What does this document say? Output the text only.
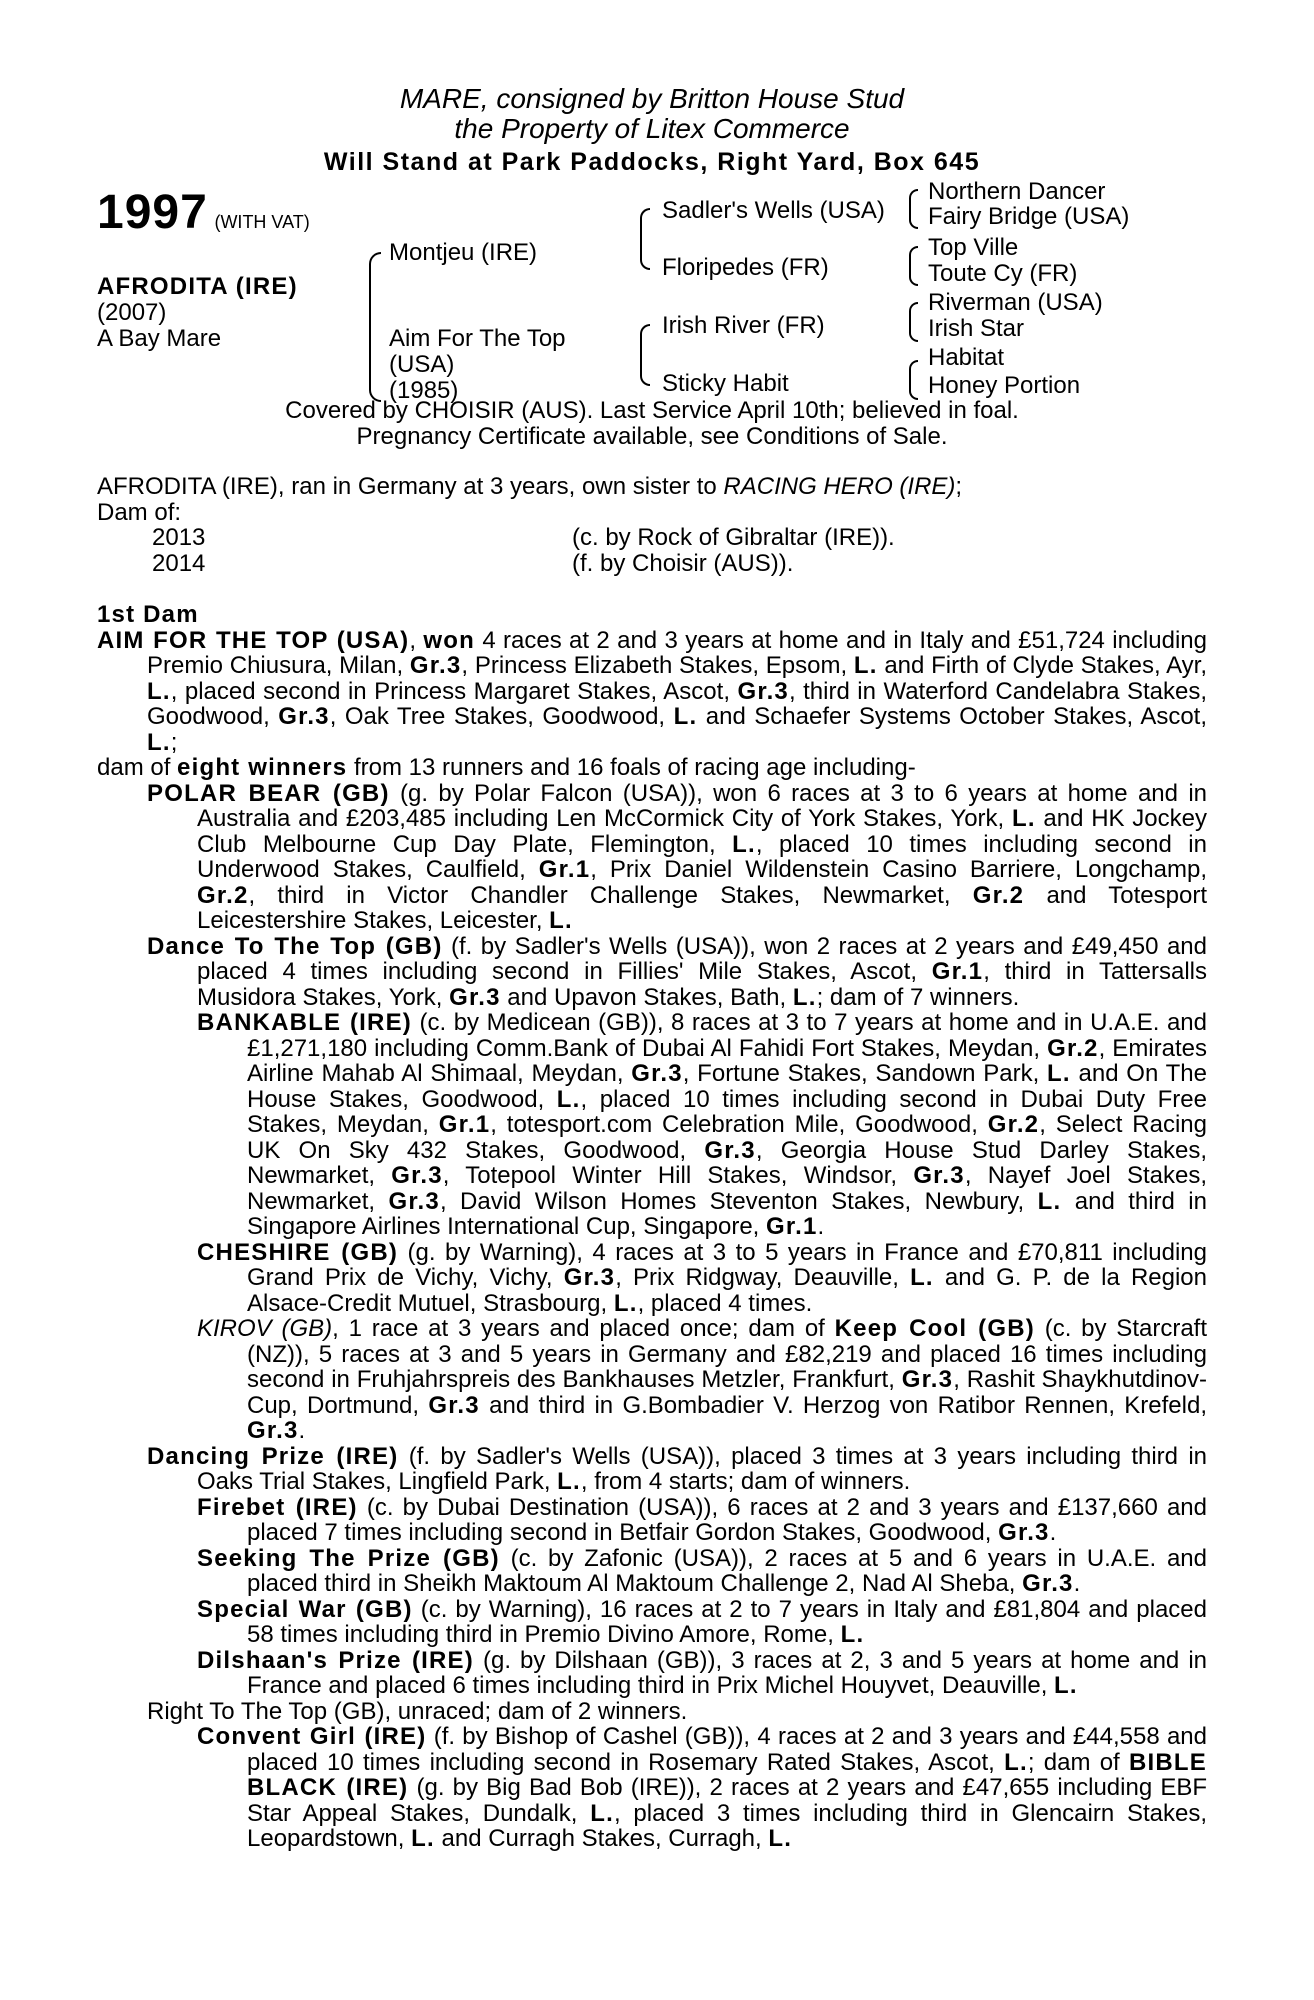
MARE, consigned by Britton House Stud
the Property of Litex Commerce
Will Stand at Park Paddocks, Right Yard, Box 645
1997 (WITH VAT)
AFRODITA (IRE)
(2007)
A Bay Mare
Montjeu (IRE)
Aim For The Top
(USA)
(1985)
Sadler's Wells (USA)
Floripedes (FR)
Irish River (FR)
Sticky Habit
Northern Dancer
Fairy Bridge (USA)
Top Ville
Toute Cy (FR)
Riverman (USA)
Irish Star
Habitat
Honey Portion
Covered by CHOISIR (AUS). Last Service April 10th; believed in foal.
Pregnancy Certificate available, see Conditions of Sale.

AFRODITA (IRE), ran in Germany at 3 years, own sister to RACING HERO (IRE);

Dam of:

2013	(c. by Rock of Gibraltar (IRE)).
2014	(f. by Choisir (AUS)).

1st Dam

AIM FOR THE TOP (USA), won 4 races at 2 and 3 years at home and in Italy and £51,724 including Premio Chiusura, Milan, Gr.3, Princess Elizabeth Stakes, Epsom, L. and Firth of Clyde Stakes, Ayr, L., placed second in Princess Margaret Stakes, Ascot, Gr.3, third in Waterford Candelabra Stakes, Goodwood, Gr.3, Oak Tree Stakes, Goodwood, L. and Schaefer Systems October Stakes, Ascot, L.;

dam of eight winners from 13 runners and 16 foals of racing age including-

POLAR BEAR (GB) (g. by Polar Falcon (USA)), won 6 races at 3 to 6 years at home and in Australia and £203,485 including Len McCormick City of York Stakes, York, L. and HK Jockey Club Melbourne Cup Day Plate, Flemington, L., placed 10 times including second in Underwood Stakes, Caulfield, Gr.1, Prix Daniel Wildenstein Casino Barriere, Longchamp, Gr.2, third in Victor Chandler Challenge Stakes, Newmarket, Gr.2 and Totesport Leicestershire Stakes, Leicester, L.

Dance To The Top (GB) (f. by Sadler's Wells (USA)), won 2 races at 2 years and £49,450 and placed 4 times including second in Fillies' Mile Stakes, Ascot, Gr.1, third in Tattersalls Musidora Stakes, York, Gr.3 and Upavon Stakes, Bath, L.; dam of 7 winners.

BANKABLE (IRE) (c. by Medicean (GB)), 8 races at 3 to 7 years at home and in U.A.E. and £1,271,180 including Comm.Bank of Dubai Al Fahidi Fort Stakes, Meydan, Gr.2, Emirates Airline Mahab Al Shimaal, Meydan, Gr.3, Fortune Stakes, Sandown Park, L. and On The House Stakes, Goodwood, L., placed 10 times including second in Dubai Duty Free Stakes, Meydan, Gr.1, totesport.com Celebration Mile, Goodwood, Gr.2, Select Racing UK On Sky 432 Stakes, Goodwood, Gr.3, Georgia House Stud Darley Stakes, Newmarket, Gr.3, Totepool Winter Hill Stakes, Windsor, Gr.3, Nayef Joel Stakes, Newmarket, Gr.3, David Wilson Homes Steventon Stakes, Newbury, L. and third in Singapore Airlines International Cup, Singapore, Gr.1.

CHESHIRE (GB) (g. by Warning), 4 races at 3 to 5 years in France and £70,811 including Grand Prix de Vichy, Vichy, Gr.3, Prix Ridgway, Deauville, L. and G. P. de la Region Alsace-Credit Mutuel, Strasbourg, L., placed 4 times.

KIROV (GB), 1 race at 3 years and placed once; dam of Keep Cool (GB) (c. by Starcraft (NZ)), 5 races at 3 and 5 years in Germany and £82,219 and placed 16 times including second in Fruhjahrspreis des Bankhauses Metzler, Frankfurt, Gr.3, Rashit Shaykhutdinov-Cup, Dortmund, Gr.3 and third in G.Bombadier V. Herzog von Ratibor Rennen, Krefeld, Gr.3.

Dancing Prize (IRE) (f. by Sadler's Wells (USA)), placed 3 times at 3 years including third in Oaks Trial Stakes, Lingfield Park, L., from 4 starts; dam of winners.

Firebet (IRE) (c. by Dubai Destination (USA)), 6 races at 2 and 3 years and £137,660 and placed 7 times including second in Betfair Gordon Stakes, Goodwood, Gr.3.

Seeking The Prize (GB) (c. by Zafonic (USA)), 2 races at 5 and 6 years in U.A.E. and placed third in Sheikh Maktoum Al Maktoum Challenge 2, Nad Al Sheba, Gr.3.

Special War (GB) (c. by Warning), 16 races at 2 to 7 years in Italy and £81,804 and placed 58 times including third in Premio Divino Amore, Rome, L.

Dilshaan's Prize (IRE) (g. by Dilshaan (GB)), 3 races at 2, 3 and 5 years at home and in France and placed 6 times including third in Prix Michel Houyvet, Deauville, L.

Right To The Top (GB), unraced; dam of 2 winners.

Convent Girl (IRE) (f. by Bishop of Cashel (GB)), 4 races at 2 and 3 years and £44,558 and placed 10 times including second in Rosemary Rated Stakes, Ascot, L.; dam of BIBLE BLACK (IRE) (g. by Big Bad Bob (IRE)), 2 races at 2 years and £47,655 including EBF Star Appeal Stakes, Dundalk, L., placed 3 times including third in Glencairn Stakes, Leopardstown, L. and Curragh Stakes, Curragh, L.
